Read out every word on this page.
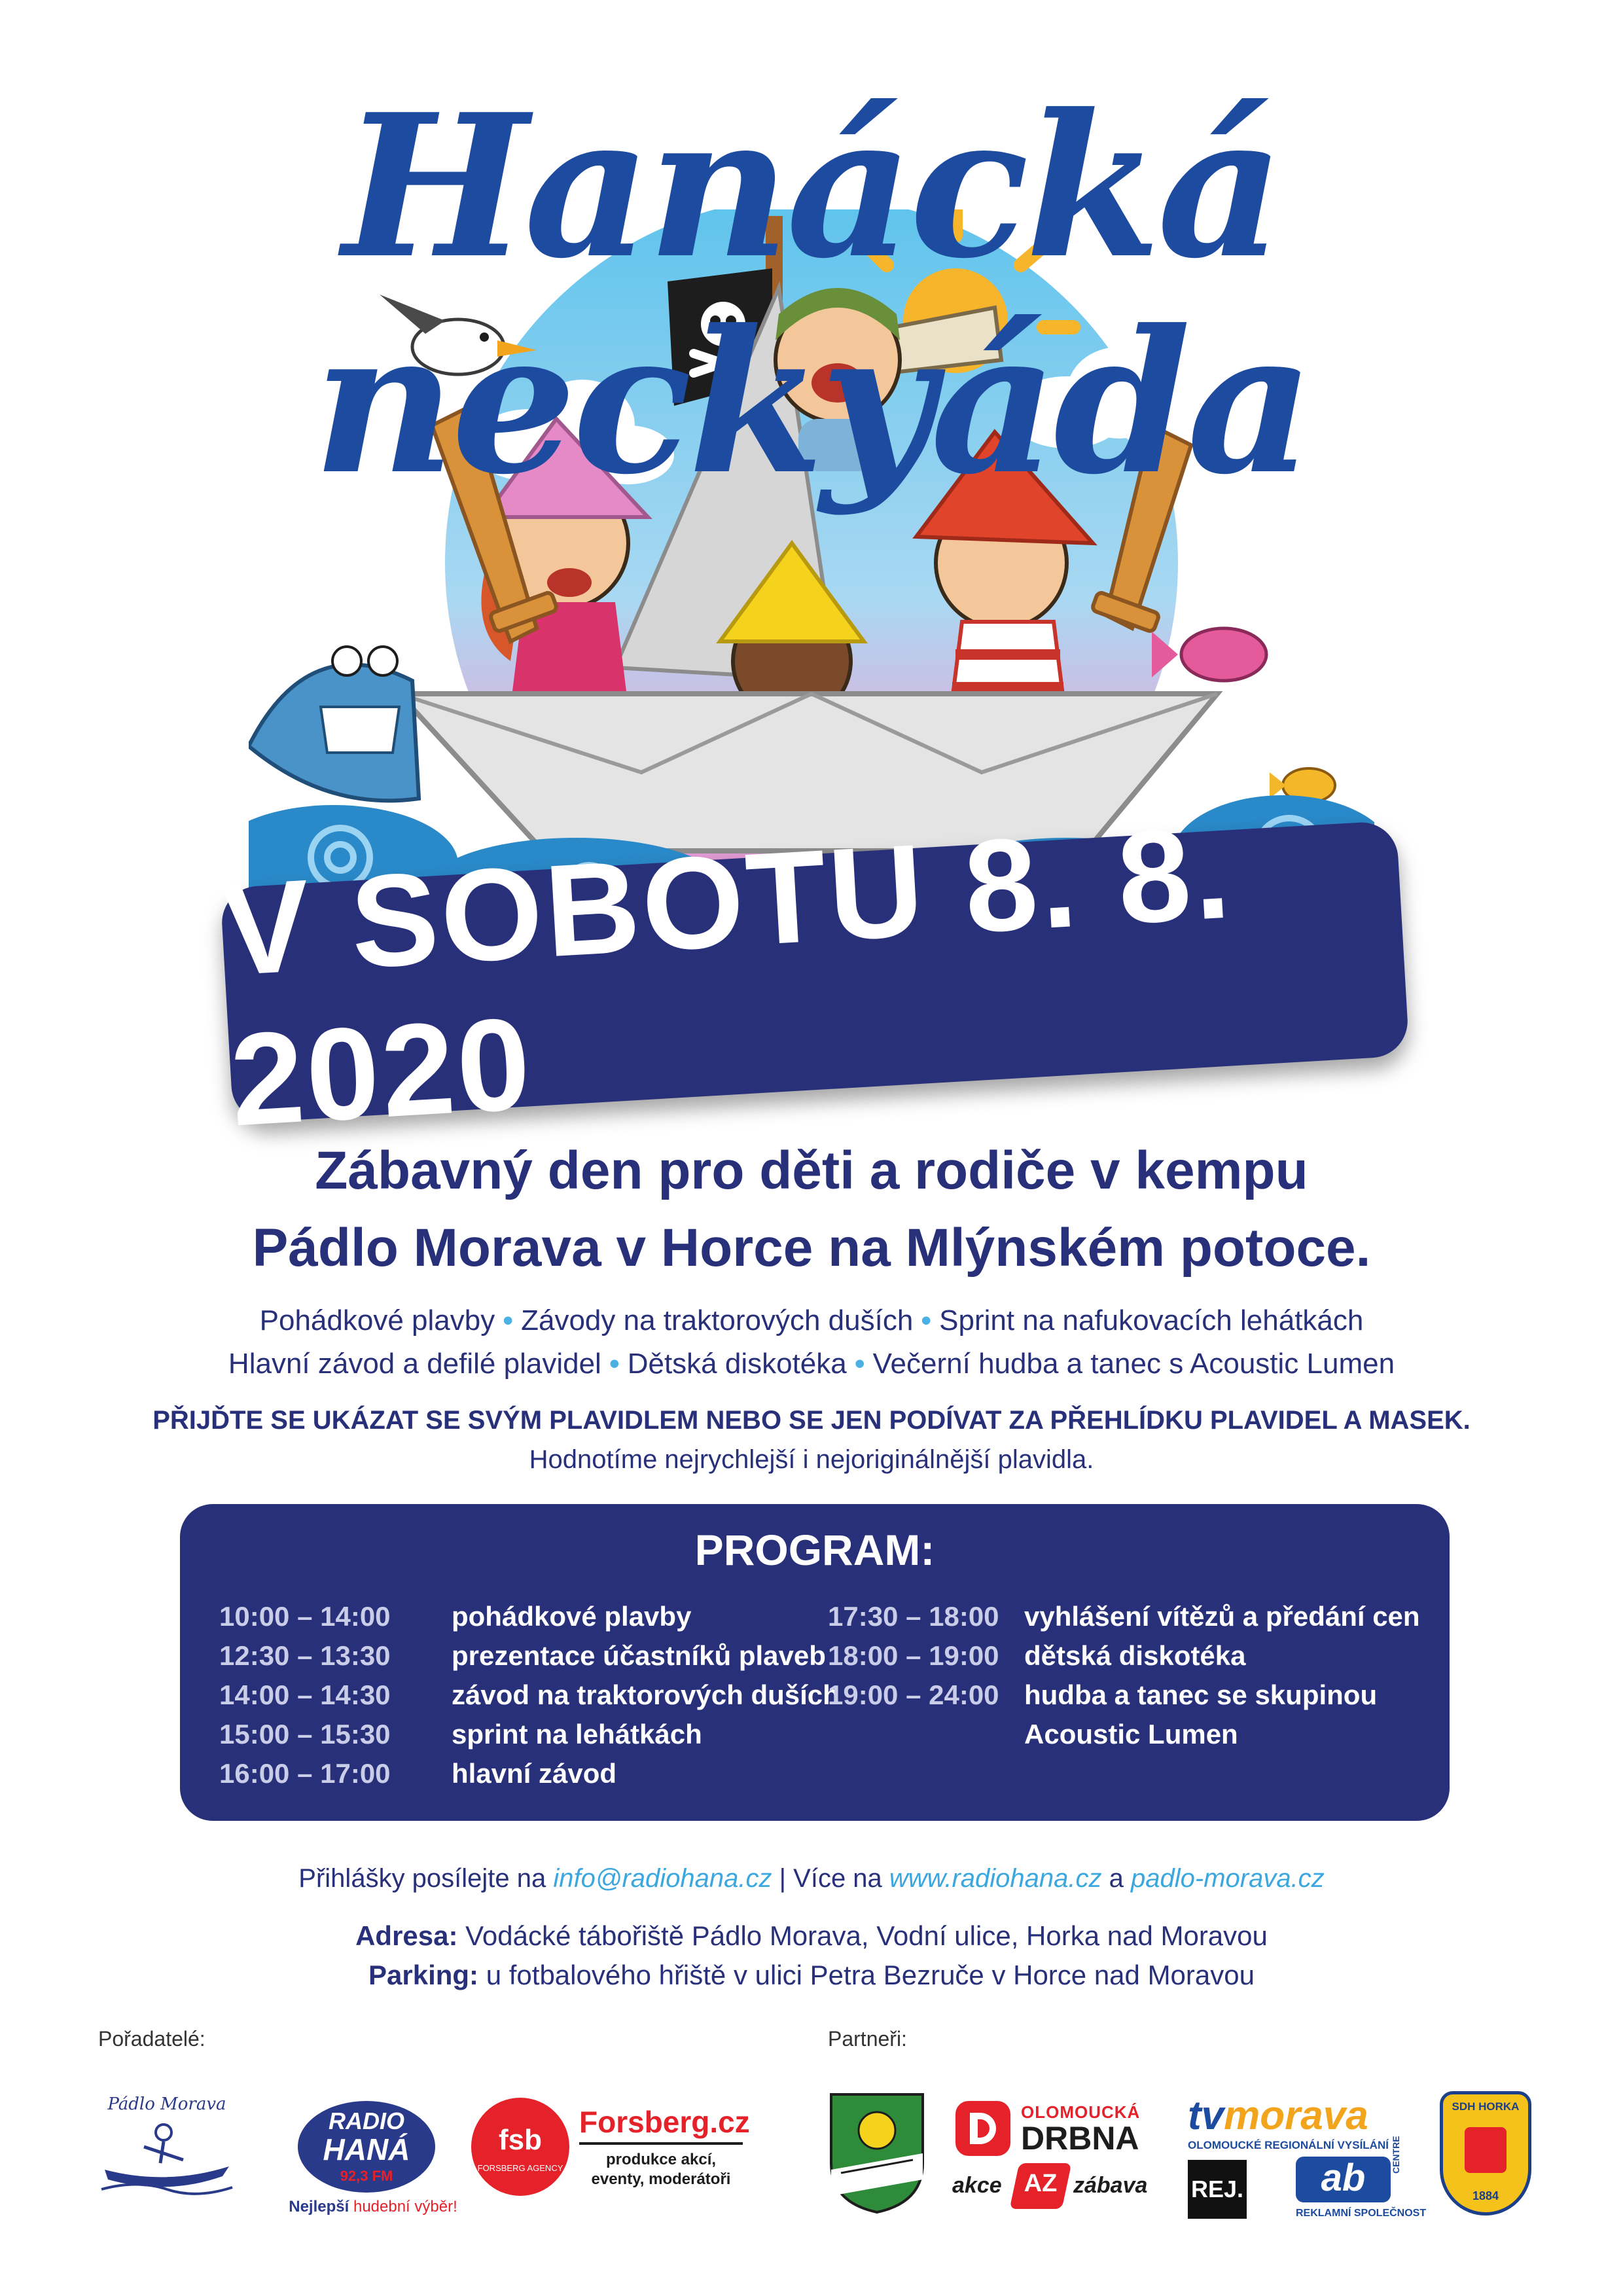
Hanácká neckyáda
V SOBOTU 8. 8. 2020
Zábavný den pro děti a rodiče v kempu
Pádlo Morava v Horce na Mlýnském potoce.
Pohádkové plavby • Závody na traktorových duších • Sprint na nafukovacích lehátkách
Hlavní závod a defilé plavidel • Dětská diskotéka • Večerní hudba a tanec s Acoustic Lumen
PŘIJĎTE SE UKÁZAT SE SVÝM PLAVIDLEM NEBO SE JEN PODÍVAT ZA PŘEHLÍDKU PLAVIDEL A MASEK.
Hodnotíme nejrychlejší i nejoriginálnější plavidla.
PROGRAM:
10:00 – 14:00	pohádkové plavby
12:30 – 13:30	prezentace účastníků plaveb
14:00 – 14:30	závod na traktorových duších
15:00 – 15:30	sprint na lehátkách
16:00 – 17:00	hlavní závod
17:30 – 18:00 vyhlášení vítězů a předání cen
18:00 – 19:00 dětská diskotéka
19:00 – 24:00 hudba a tanec se skupinou
Acoustic Lumen
Přihlášky posílejte na info@radiohana.cz | Více na www.radiohana.cz a padlo-morava.cz
Adresa: Vodácké tábořiště Pádlo Morava, Vodní ulice, Horka nad Moravou
Parking: u fotbalového hřiště v ulici Petra Bezruče v Horce nad Moravou
Pořadatelé:	Partneři:
Pádlo Morava
RADIO
HANÁ
92,3 FM
Nejlepší hudební výběr!
fsb
FORSBERG AGENCY
Forsberg.cz
produkce akcí,
eventy, moderátoři
OLOMOUCKÁ
DRBNA tvmorava
OLOMOUCKÉ REGIONÁLNÍ VYSÍLÁNÍ
SDH HORKA
1884
akce AZ zábava REJ.	ab
CENTRE
REKLAMNÍ SPOLEČNOST
